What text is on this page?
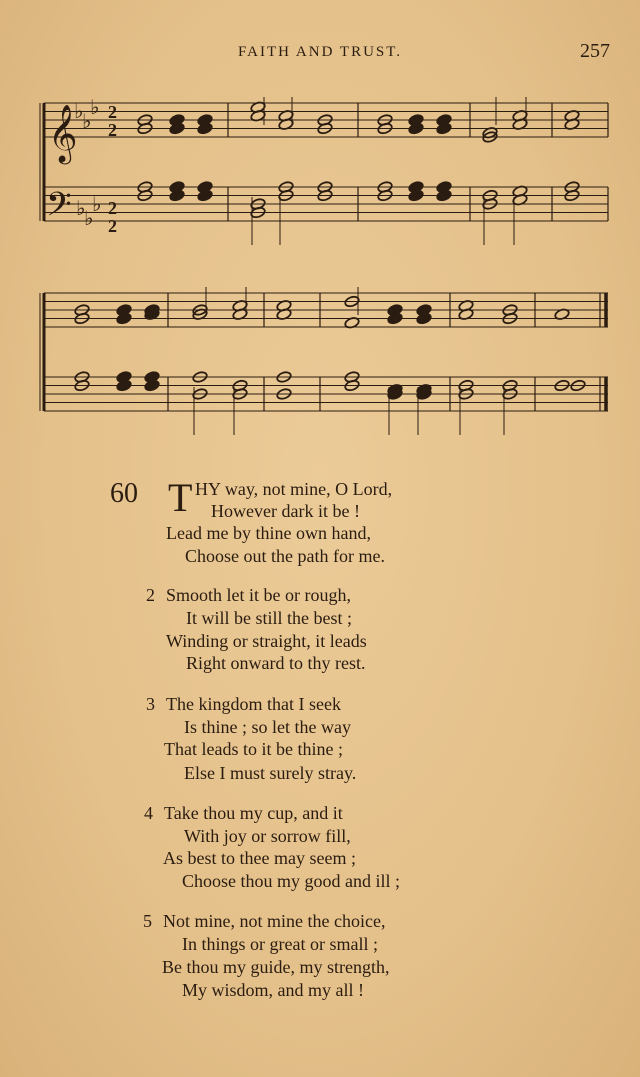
FAITH AND TRUST.	257
𝄞
𝄢
♭
♭
♭
♭
♭
♭
2
2
2
2
60 T HY way, not mine, O Lord,
However dark it be !
Lead me by thine own hand,
Choose out the path for me.
2 Smooth let it be or rough,
It will be still the best ;
Winding or straight, it leads
Right onward to thy rest.
3 The kingdom that I seek
Is thine ; so let the way
That leads to it be thine ;
Else I must surely stray.
4 Take thou my cup, and it
With joy or sorrow fill,
As best to thee may seem ;
Choose thou my good and ill ;
5 Not mine, not mine the choice,
In things or great or small ;
Be thou my guide, my strength,
My wisdom, and my all !
